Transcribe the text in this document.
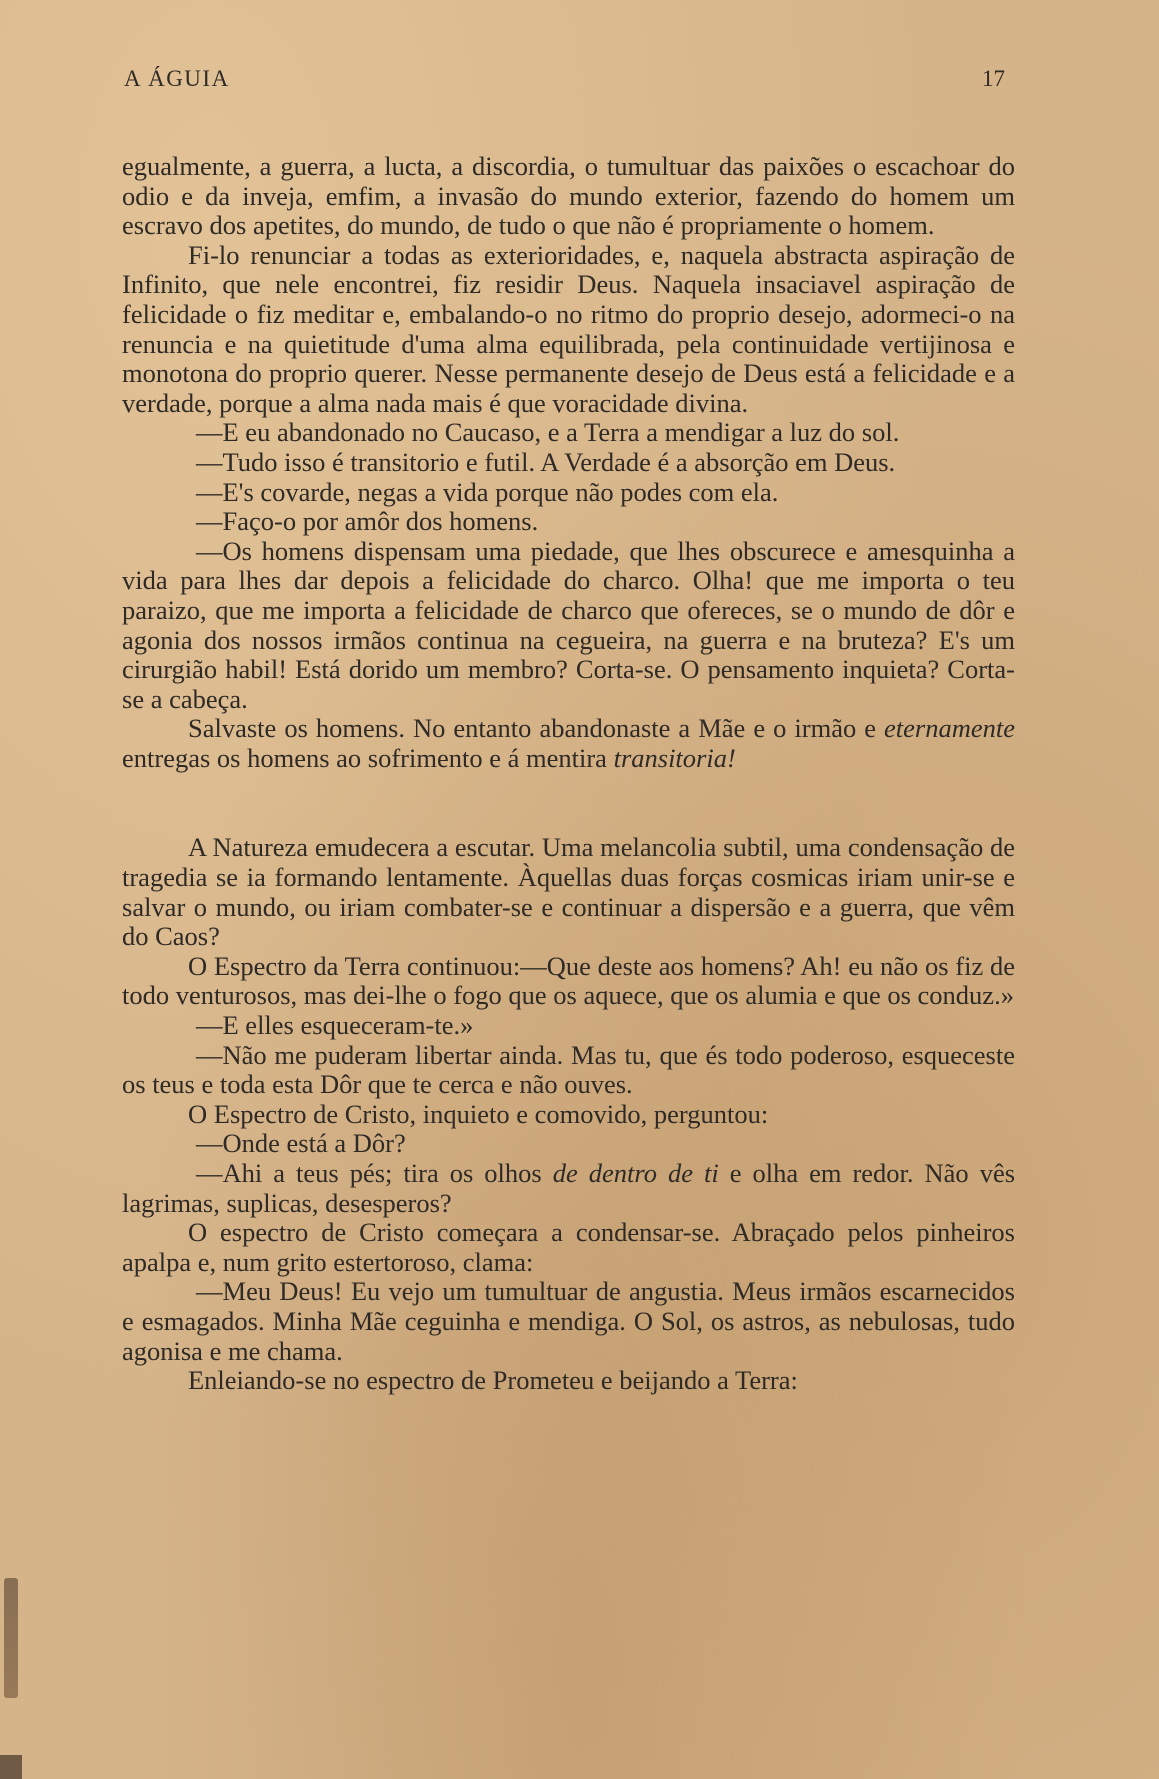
A ÁGUIA	17

egualmente, a guerra, a lucta, a discordia, o tumultuar das paixões o escachoar do odio e da inveja, emfim, a invasão do mundo exterior, fazendo do homem um escravo dos apetites, do mundo, de tudo o que não é propriamente o homem.

Fi-lo renunciar a todas as exterioridades, e, naquela abstracta aspiração de Infinito, que nele encontrei, fiz residir Deus. Naquela insaciavel aspiração de felicidade o fiz meditar e, embalando-o no ritmo do proprio desejo, adormeci-o na renuncia e na quietitude d'uma alma equilibrada, pela continuidade vertijinosa e monotona do proprio querer. Nesse permanente desejo de Deus está a felicidade e a verdade, porque a alma nada mais é que voracidade divina.

—E eu abandonado no Caucaso, e a Terra a mendigar a luz do sol.

—Tudo isso é transitorio e futil. A Verdade é a absorção em Deus.

—E's covarde, negas a vida porque não podes com ela.

—Faço-o por amôr dos homens.

—Os homens dispensam uma piedade, que lhes obscurece e amesquinha a vida para lhes dar depois a felicidade do charco. Olha! que me importa o teu paraizo, que me importa a felicidade de charco que ofereces, se o mundo de dôr e agonia dos nossos irmãos continua na cegueira, na guerra e na bruteza? E's um cirurgião habil! Está dorido um membro? Corta-se. O pensamento inquieta? Corta-se a cabeça.

Salvaste os homens. No entanto abandonaste a Mãe e o irmão e eternamente entregas os homens ao sofrimento e á mentira transitoria!

A Natureza emudecera a escutar. Uma melancolia subtil, uma condensação de tragedia se ia formando lentamente. Àquellas duas forças cosmicas iriam unir-se e salvar o mundo, ou iriam combater-se e continuar a dispersão e a guerra, que vêm do Caos?

O Espectro da Terra continuou:—Que deste aos homens? Ah! eu não os fiz de todo venturosos, mas dei-lhe o fogo que os aquece, que os alumia e que os conduz.»

—E elles esqueceram-te.»

—Não me puderam libertar ainda. Mas tu, que és todo poderoso, esqueceste os teus e toda esta Dôr que te cerca e não ouves.

O Espectro de Cristo, inquieto e comovido, perguntou:

—Onde está a Dôr?

—Ahi a teus pés; tira os olhos de dentro de ti e olha em redor. Não vês lagrimas, suplicas, desesperos?

O espectro de Cristo começara a condensar-se. Abraçado pelos pinheiros apalpa e, num grito estertoroso, clama:

—Meu Deus! Eu vejo um tumultuar de angustia. Meus irmãos escarnecidos e esmagados. Minha Mãe ceguinha e mendiga. O Sol, os astros, as nebulosas, tudo agonisa e me chama.

Enleiando-se no espectro de Prometeu e beijando a Terra:
